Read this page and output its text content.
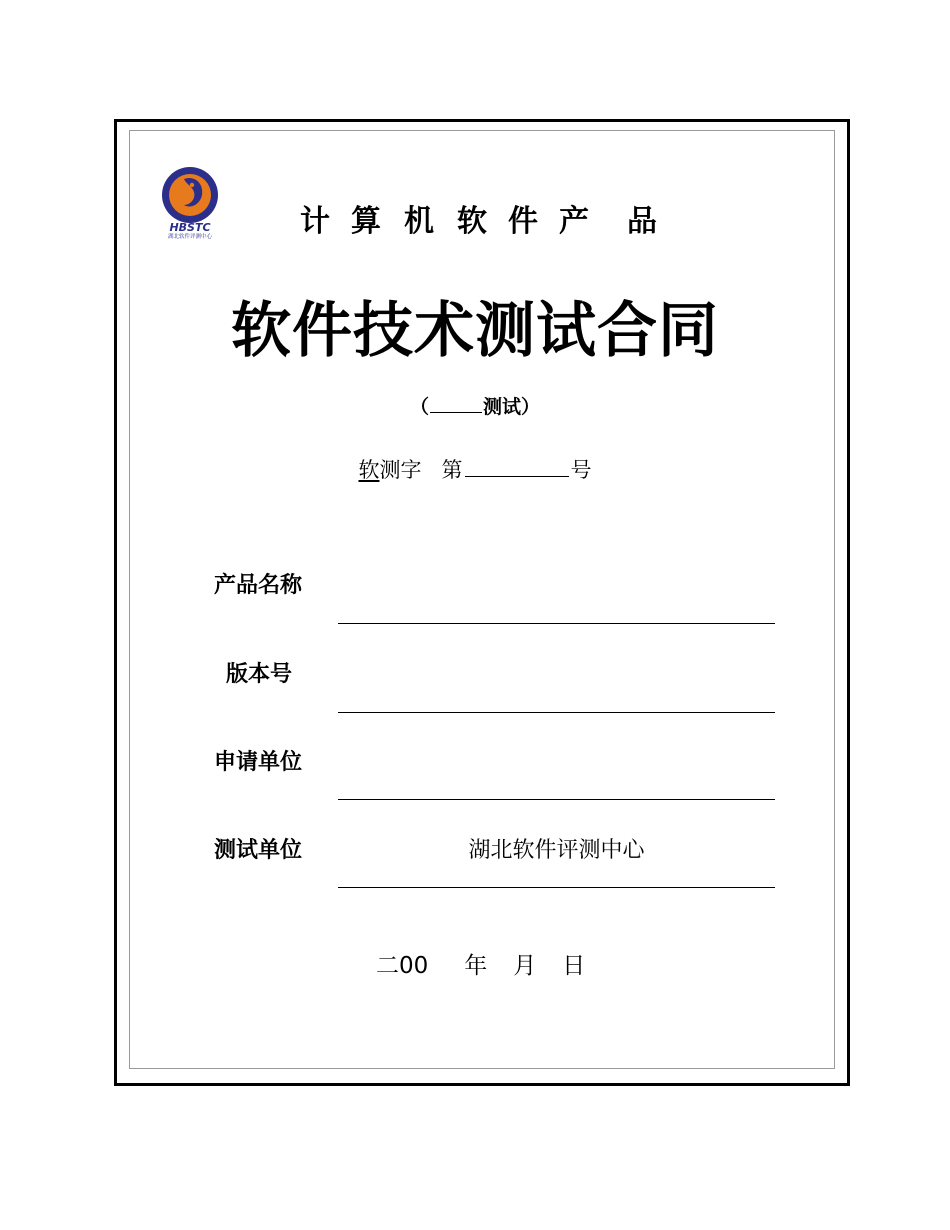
HBSTC
湖北软件评测中心	计 算 机 软 件 产 品
软件技术测试合同
（	测试）
软测字   第	号
产品名称
版本号
申请单位
测试单位	湖北软件评测中心
二00 年 月 日
